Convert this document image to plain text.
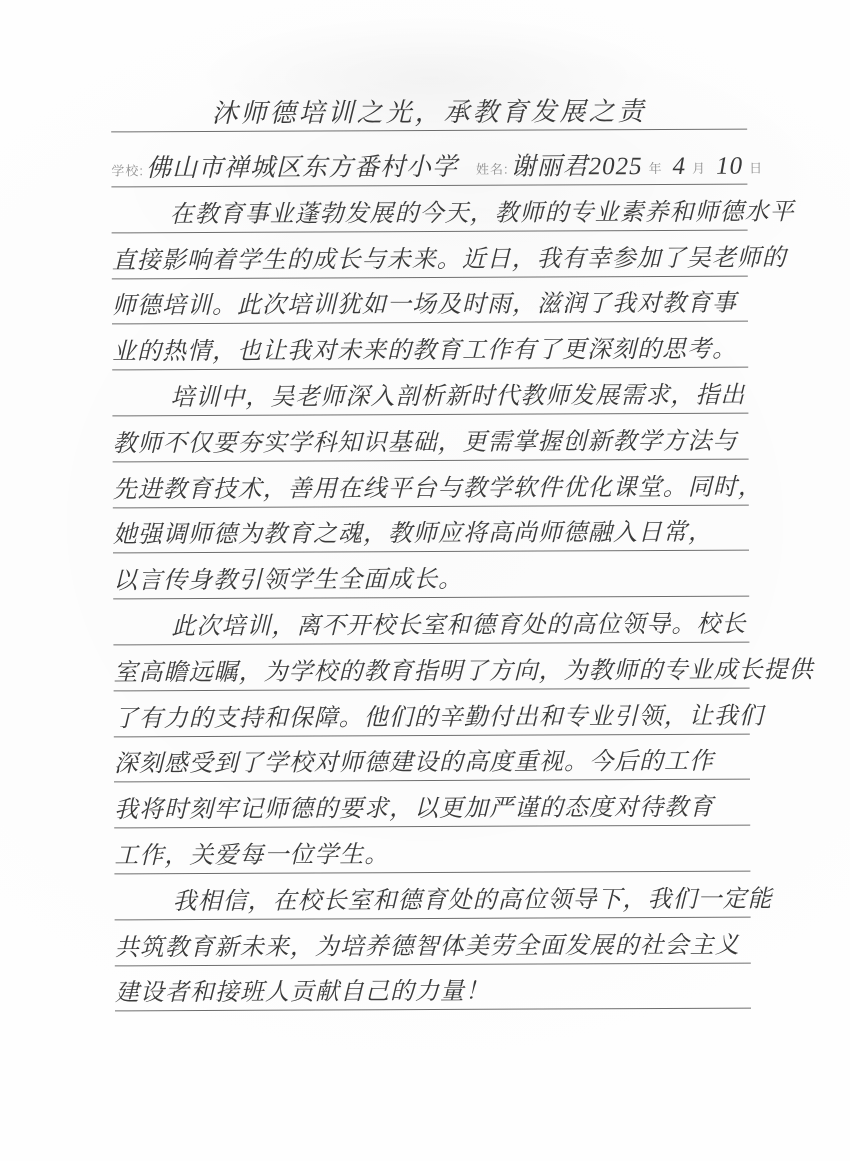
沐师德培训之光，承教育发展之责
学校: 佛山市禅城区东方番村小学 姓名: 谢丽君 2025 年 4 月 10 日
在教育事业蓬勃发展的今天，教师的专业素养和师德水平
直接影响着学生的成长与未来。近日，我有幸参加了吴老师的
师德培训。此次培训犹如一场及时雨，滋润了我对教育事
业的热情，也让我对未来的教育工作有了更深刻的思考。
培训中，吴老师深入剖析新时代教师发展需求，指出
教师不仅要夯实学科知识基础，更需掌握创新教学方法与
先进教育技术，善用在线平台与教学软件优化课堂。同时，
她强调师德为教育之魂，教师应将高尚师德融入日常，
以言传身教引领学生全面成长。
此次培训，离不开校长室和德育处的高位领导。校长
室高瞻远瞩，为学校的教育指明了方向，为教师的专业成长提供
了有力的支持和保障。他们的辛勤付出和专业引领，让我们
深刻感受到了学校对师德建设的高度重视。今后的工作
我将时刻牢记师德的要求，以更加严谨的态度对待教育
工作，关爱每一位学生。
我相信，在校长室和德育处的高位领导下，我们一定能
共筑教育新未来，为培养德智体美劳全面发展的社会主义
建设者和接班人贡献自己的力量！
